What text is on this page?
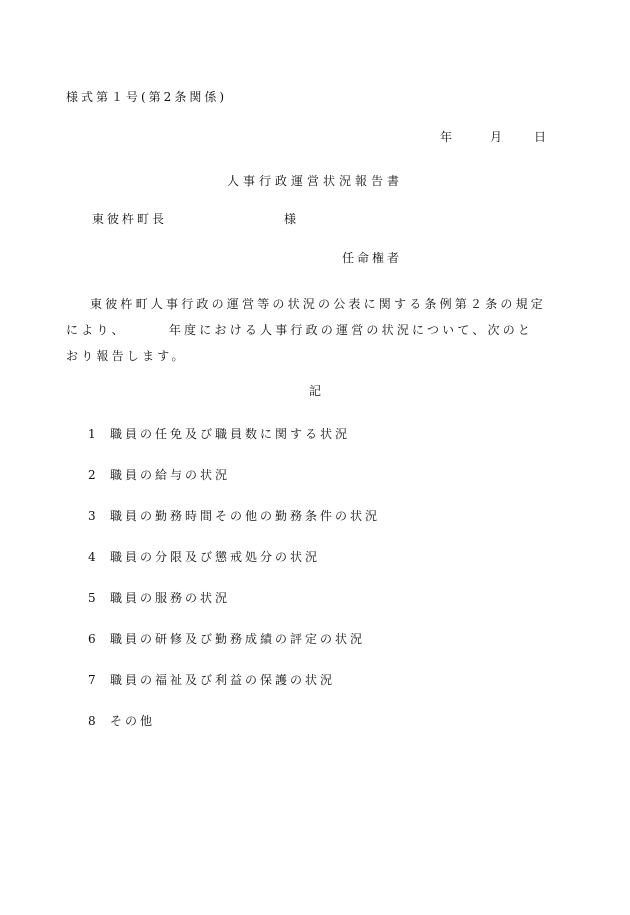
様式第１号(第2条関係)
年	月 日
人事行政運営状況報告書
東彼杵町長	様
任命権者
東彼杵町人事行政の運営等の状況の公表に関する条例第２条の規定により、	年度における人事行政の運営の状況について、次のとおり報告します。
記
1 職員の任免及び職員数に関する状況
2 職員の給与の状況
3 職員の勤務時間その他の勤務条件の状況
4 職員の分限及び懲戒処分の状況
5 職員の服務の状況
6 職員の研修及び勤務成績の評定の状況
7 職員の福祉及び利益の保護の状況
8 その他
